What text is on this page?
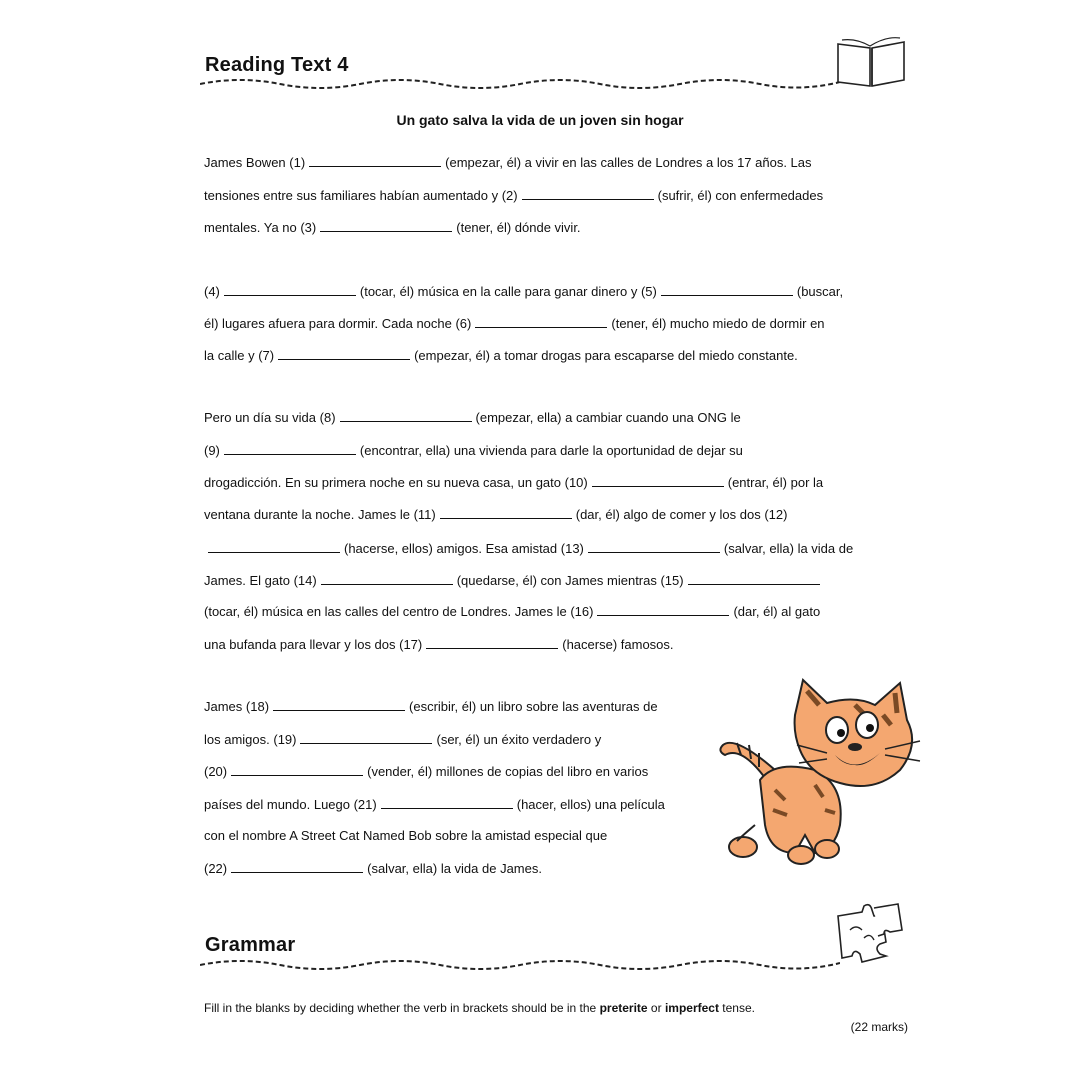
Reading Text 4
Un gato salva la vida de un joven sin hogar
James Bowen (1)	(empezar, él) a vivir en las calles de Londres a los 17 años. Las
tensiones entre sus familiares habían aumentado y (2)	(sufrir, él) con enfermedades
mentales. Ya no (3)	(tener, él) dónde vivir.
(4)	(tocar, él) música en la calle para ganar dinero y (5)	(buscar,
él) lugares afuera para dormir. Cada noche (6)	(tener, él) mucho miedo de dormir en
la calle y (7)	(empezar, él) a tomar drogas para escaparse del miedo constante.
Pero un día su vida (8)	(empezar, ella) a cambiar cuando una ONG le
(9)	(encontrar, ella) una vivienda para darle la oportunidad de dejar su
drogadicción. En su primera noche en su nueva casa, un gato (10)	(entrar, él) por la
ventana durante la noche. James le (11)	(dar, él) algo de comer y los dos (12)
(hacerse, ellos) amigos. Esa amistad (13)	(salvar, ella) la vida de
James. El gato (14)	(quedarse, él) con James mientras (15)
(tocar, él) música en las calles del centro de Londres. James le (16)	(dar, él) al gato
una bufanda para llevar y los dos (17)	(hacerse) famosos.
James (18)	(escribir, él) un libro sobre las aventuras de
los amigos. (19)	(ser, él) un éxito verdadero y
(20)	(vender, él) millones de copias del libro en varios
países del mundo. Luego (21)	(hacer, ellos) una película
con el nombre A Street Cat Named Bob sobre la amistad especial que
(22)	(salvar, ella) la vida de James.
Grammar
Fill in the blanks by deciding whether the verb in brackets should be in the preterite or imperfect tense.
(22 marks)
